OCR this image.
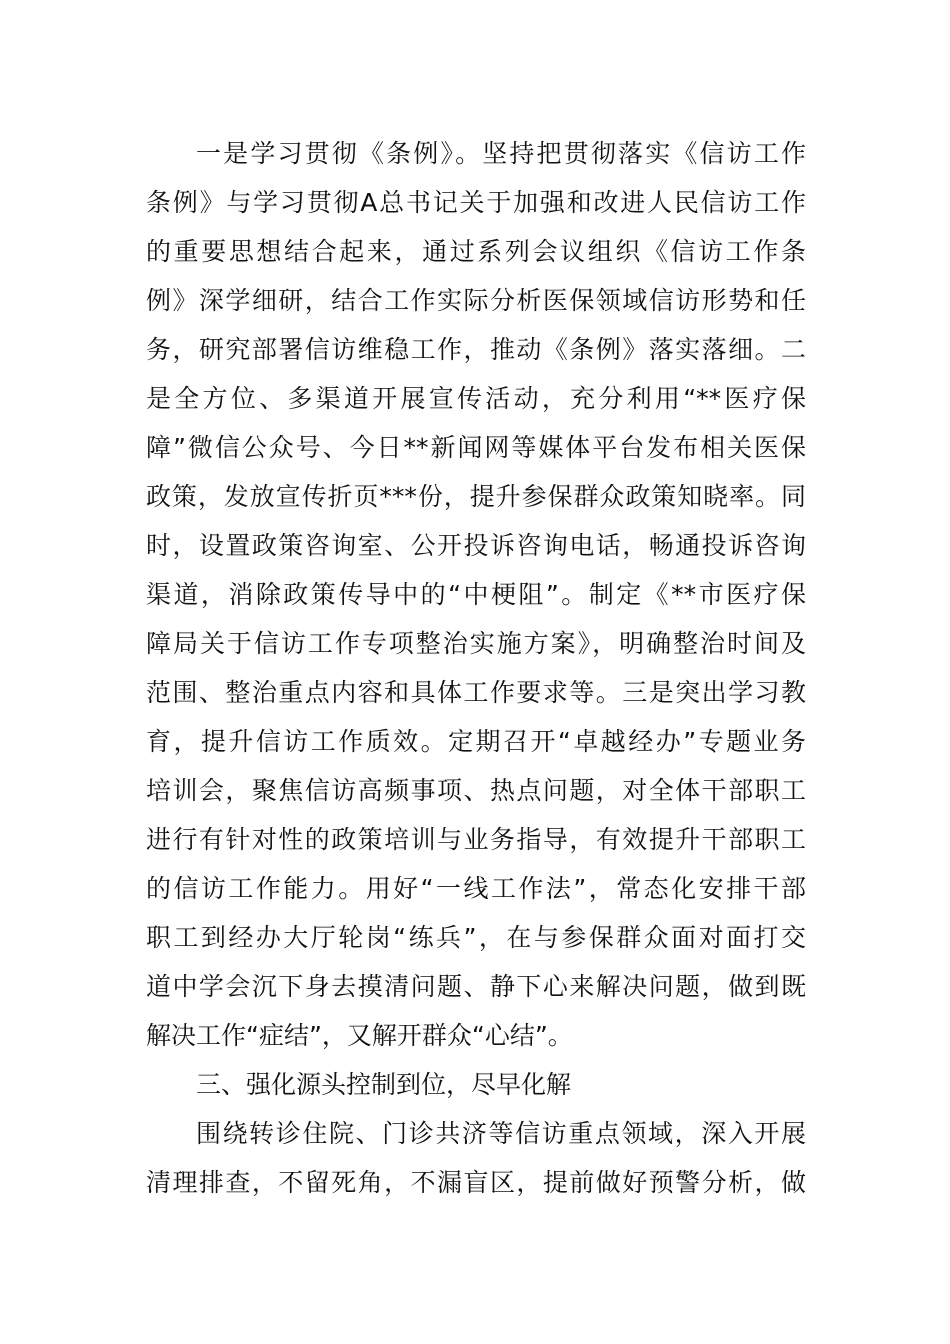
一是学习贯彻《条例》。坚持把贯彻落实《信访工作
条例》与学习贯彻A总书记关于加强和改进人民信访工作
的重要思想结合起来，通过系列会议组织《信访工作条
例》深学细研，结合工作实际分析医保领域信访形势和任
务，研究部署信访维稳工作，推动《条例》落实落细。二
是全方位、多渠道开展宣传活动，充分利用“**医疗保
障”微信公众号、今日**新闻网等媒体平台发布相关医保
政策，发放宣传折页***份，提升参保群众政策知晓率。同
时，设置政策咨询室、公开投诉咨询电话，畅通投诉咨询
渠道，消除政策传导中的“中梗阻”。制定《**市医疗保
障局关于信访工作专项整治实施方案》，明确整治时间及
范围、整治重点内容和具体工作要求等。三是突出学习教
育，提升信访工作质效。定期召开“卓越经办”专题业务
培训会，聚焦信访高频事项、热点问题，对全体干部职工
进行有针对性的政策培训与业务指导，有效提升干部职工
的信访工作能力。用好“一线工作法”，常态化安排干部
职工到经办大厅轮岗“练兵”，在与参保群众面对面打交
道中学会沉下身去摸清问题、静下心来解决问题，做到既
解决工作“症结”，又解开群众“心结”。
三、强化源头控制到位，尽早化解
围绕转诊住院、门诊共济等信访重点领域，深入开展
清理排查，不留死角，不漏盲区，提前做好预警分析，做
